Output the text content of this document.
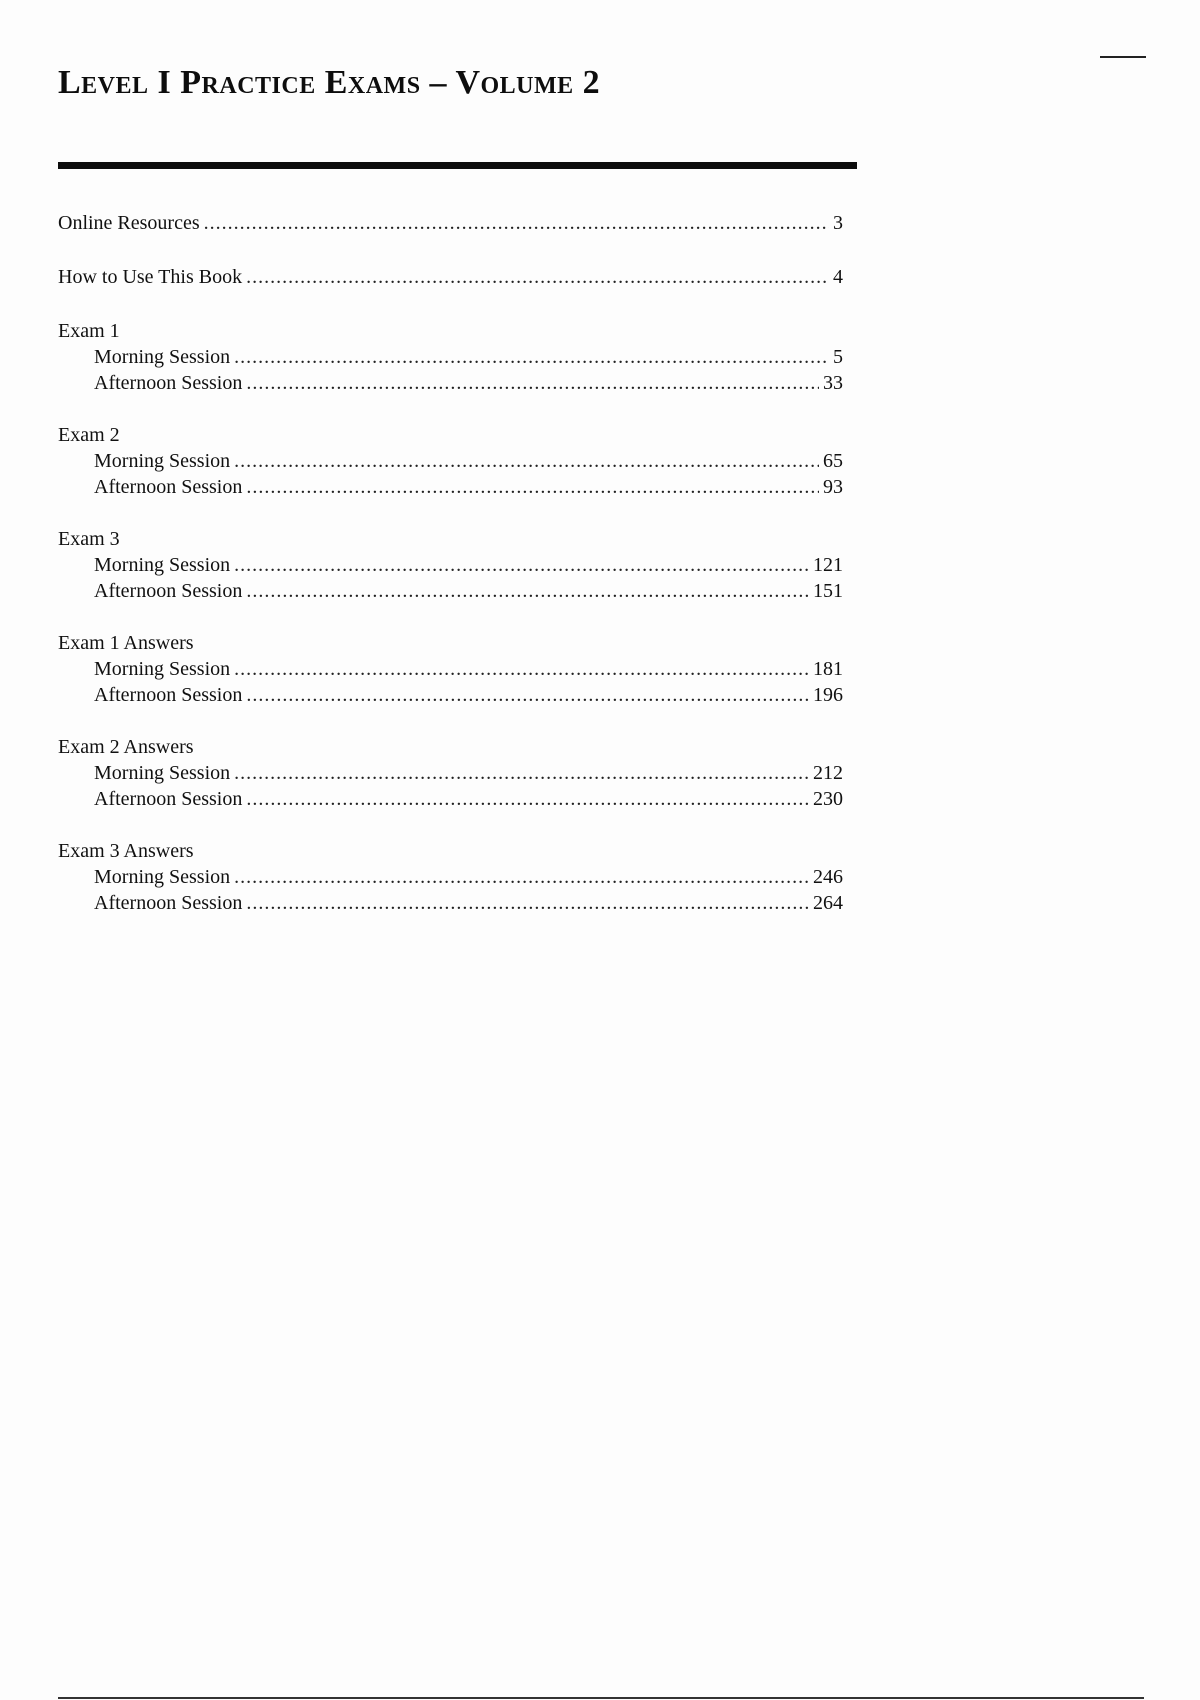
Level I Practice Exams – Volume 2
Online Resources .....	3
How to Use This Book .....	4
Exam 1
Morning Session .....	5
Afternoon Session .....	33
Exam 2
Morning Session .....	65
Afternoon Session .....	93
Exam 3
Morning Session .....	121
Afternoon Session .....	151
Exam 1 Answers
Morning Session .....	181
Afternoon Session .....	196
Exam 2 Answers
Morning Session .....	212
Afternoon Session .....	230
Exam 3 Answers
Morning Session .....	246
Afternoon Session .....	264
